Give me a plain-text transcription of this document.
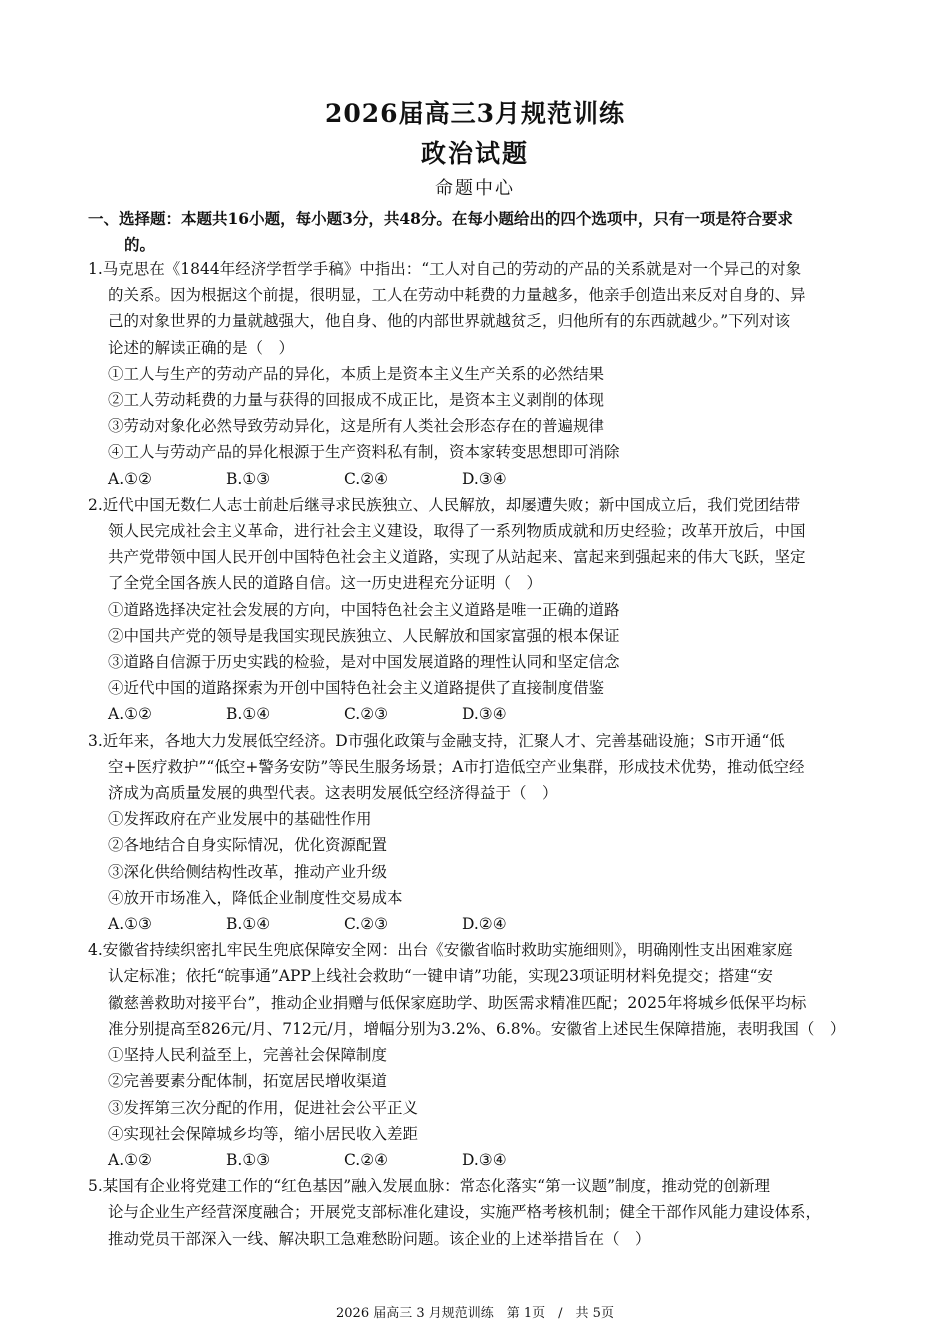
2026届高三3月规范训练
政治试题
命题中心
一、选择题：本题共16小题，每小题3分，共48分。在每小题给出的四个选项中，只有一项是符合要求
的。
1.马克思在《1844年经济学哲学手稿》中指出：“工人对自己的劳动的产品的关系就是对一个异己的对象
的关系。因为根据这个前提，很明显，工人在劳动中耗费的力量越多，他亲手创造出来反对自身的、异
己的对象世界的力量就越强大，他自身、他的内部世界就越贫乏，归他所有的东西就越少。”下列对该
论述的解读正确的是（　）
①工人与生产的劳动产品的异化，本质上是资本主义生产关系的必然结果
②工人劳动耗费的力量与获得的回报成不成正比，是资本主义剥削的体现
③劳动对象化必然导致劳动异化，这是所有人类社会形态存在的普遍规律
④工人与劳动产品的异化根源于生产资料私有制，资本家转变思想即可消除
A.①②	B.①③	C.②④	D.③④
2.近代中国无数仁人志士前赴后继寻求民族独立、人民解放，却屡遭失败；新中国成立后，我们党团结带
领人民完成社会主义革命，进行社会主义建设，取得了一系列物质成就和历史经验；改革开放后，中国
共产党带领中国人民开创中国特色社会主义道路，实现了从站起来、富起来到强起来的伟大飞跃，坚定
了全党全国各族人民的道路自信。这一历史进程充分证明（　）
①道路选择决定社会发展的方向，中国特色社会主义道路是唯一正确的道路
②中国共产党的领导是我国实现民族独立、人民解放和国家富强的根本保证
③道路自信源于历史实践的检验，是对中国发展道路的理性认同和坚定信念
④近代中国的道路探索为开创中国特色社会主义道路提供了直接制度借鉴
A.①②	B.①④	C.②③	D.③④
3.近年来，各地大力发展低空经济。D市强化政策与金融支持，汇聚人才、完善基础设施；S市开通“低
空+医疗救护”“低空+警务安防”等民生服务场景；A市打造低空产业集群，形成技术优势，推动低空经
济成为高质量发展的典型代表。这表明发展低空经济得益于（　）
①发挥政府在产业发展中的基础性作用
②各地结合自身实际情况，优化资源配置
③深化供给侧结构性改革，推动产业升级
④放开市场准入，降低企业制度性交易成本
A.①③	B.①④	C.②③	D.②④
4.安徽省持续织密扎牢民生兜底保障安全网：出台《安徽省临时救助实施细则》，明确刚性支出困难家庭
认定标准；依托“皖事通”APP上线社会救助“一键申请”功能，实现23项证明材料免提交；搭建“安
徽慈善救助对接平台”，推动企业捐赠与低保家庭助学、助医需求精准匹配；2025年将城乡低保平均标
准分别提高至826元/月、712元/月，增幅分别为3.2%、6.8%。安徽省上述民生保障措施，表明我国（　）
①坚持人民利益至上，完善社会保障制度
②完善要素分配体制，拓宽居民增收渠道
③发挥第三次分配的作用，促进社会公平正义
④实现社会保障城乡均等，缩小居民收入差距
A.①②	B.①③	C.②④	D.③④
5.某国有企业将党建工作的“红色基因”融入发展血脉：常态化落实“第一议题”制度，推动党的创新理
论与企业生产经营深度融合；开展党支部标准化建设，实施严格考核机制；健全干部作风能力建设体系，
推动党员干部深入一线、解决职工急难愁盼问题。该企业的上述举措旨在（　）
2026 届高三 3 月规范训练　第 1页　/　共 5页
